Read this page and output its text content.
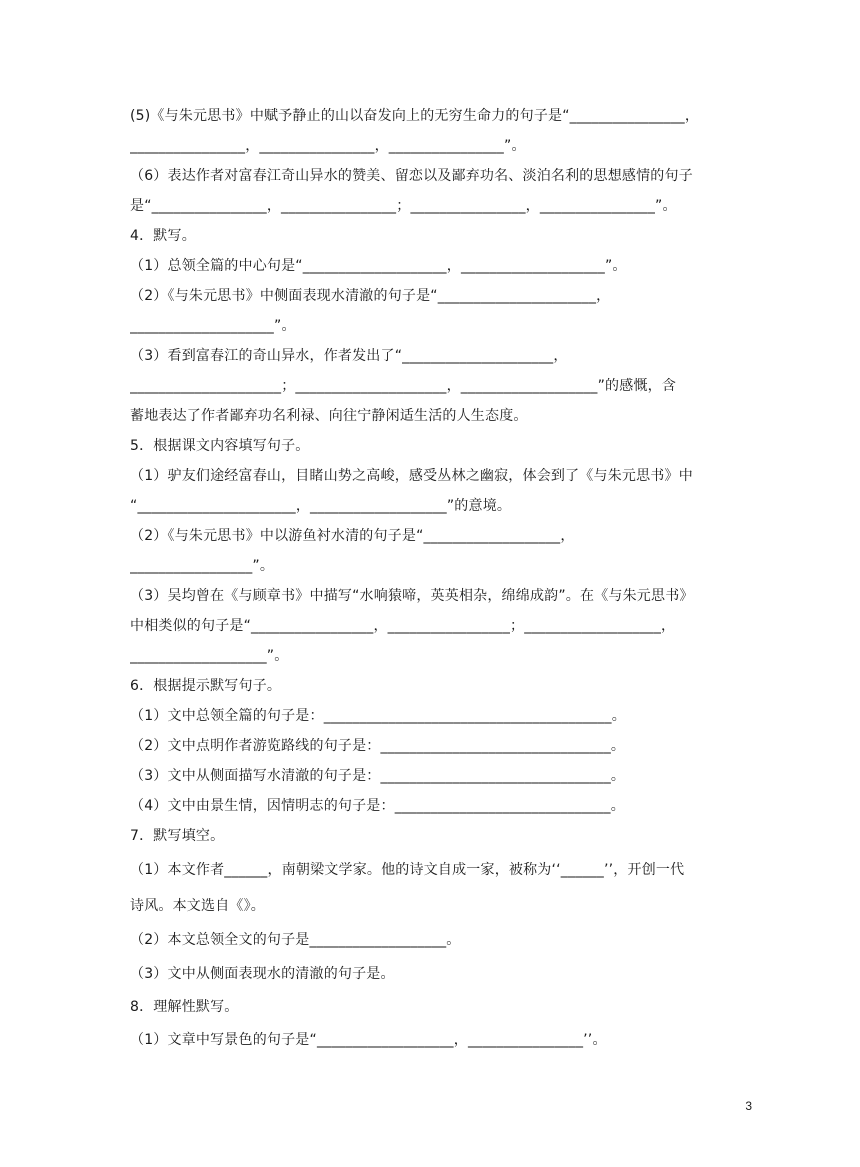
(5)《与朱元思书》中赋予静止的山以奋发向上的无穷生命力的句子是“________________，
________________，________________，________________”。
（6）表达作者对富春江奇山异水的赞美、留恋以及鄙弃功名、淡泊名利的思想感情的句子
是“________________，________________；________________，________________”。
4．默写。
（1）总领全篇的中心句是“____________________，____________________”。
（2）《与朱元思书》中侧面表现水清澈的句子是“______________________，
____________________”。
（3）看到富春江的奇山异水，作者发出了“_____________________，
_____________________；_____________________，___________________”的感慨，含
蓄地表达了作者鄙弃功名利禄、向往宁静闲适生活的人生态度。
5．根据课文内容填写句子。
（1）驴友们途经富春山，目睹山势之高峻，感受丛林之幽寂，体会到了《与朱元思书》中
“______________________，___________________”的意境。
（2）《与朱元思书》中以游鱼衬水清的句子是“___________________，
_________________”。
（3）吴均曾在《与顾章书》中描写“水响猿啼，英英相杂，绵绵成韵”。在《与朱元思书》
中相类似的句子是“_________________，_________________；___________________，
___________________”。
6．根据提示默写句子。
（1）文中总领全篇的句子是：________________________________________。
（2）文中点明作者游览路线的句子是：________________________________。
（3）文中从侧面描写水清澈的句子是：________________________________。
（4）文中由景生情，因情明志的句子是：______________________________。
7．默写填空。
（1）本文作者______，南朝梁文学家。他的诗文自成一家，被称为‘‘______’’，开创一代
诗风。本文选自《》。
（2）本文总领全文的句子是___________________。
（3）文中从侧面表现水的清澈的句子是。
8．理解性默写。
（1）文章中写景色的句子是“___________________，________________’’。
3
